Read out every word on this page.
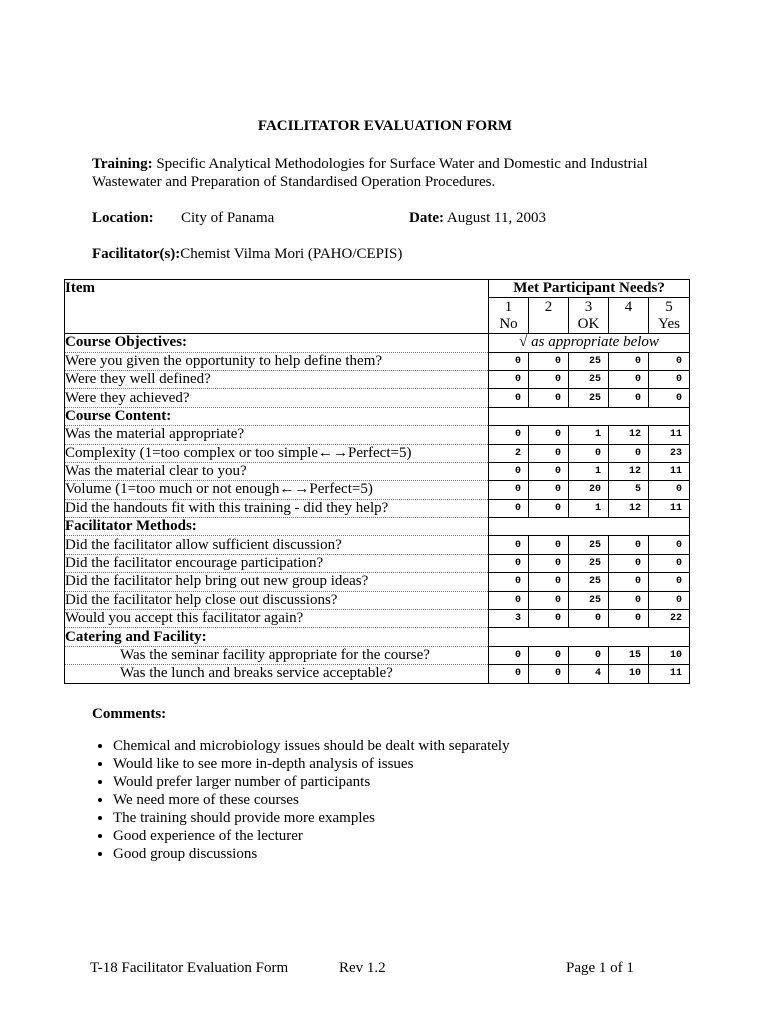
FACILITATOR EVALUATION FORM
Training: Specific Analytical Methodologies for Surface Water and Domestic and Industrial
Wastewater and Preparation of Standardised Operation Procedures.
Location: City of Panama	Date: August 11, 2003
Facilitator(s):Chemist Vilma Mori (PAHO/CEPIS)
Item	Met Participant Needs?				
	1	2	3	4	5
	No		OK		Yes
Course Objectives:	√ as appropriate below				
Were you given the opportunity to help define them?	0	0	25	0	0
Were they well defined?	0	0	25	0	0
Were they achieved?	0	0	25	0	0
Course Content:					
Was the material appropriate?	0	0	1	12	11
Complexity (1=too complex or too simple←→Perfect=5)	2	0	0	0	23
Was the material clear to you?	0	0	1	12	11
Volume (1=too much or not enough←→Perfect=5)	0	0	20	5	0
Did the handouts fit with this training - did they help?	0	0	1	12	11
Facilitator Methods:					
Did the facilitator allow sufficient discussion?	0	0	25	0	0
Did the facilitator encourage participation?	0	0	25	0	0
Did the facilitator help bring out new group ideas?	0	0	25	0	0
Did the facilitator help close out discussions?	0	0	25	0	0
Would you accept this facilitator again?	3	0	0	0	22
Catering and Facility:					
Was the seminar facility appropriate for the course?	0	0	0	15	10
Was the lunch and breaks service acceptable?	0	0	4	10	11
Comments:
• Chemical and microbiology issues should be dealt with separately
• Would like to see more in-depth analysis of issues
• Would prefer larger number of participants
• We need more of these courses
• The training should provide more examples
• Good experience of the lecturer
• Good group discussions
T-18 Facilitator Evaluation Form	Rev 1.2	Page 1 of 1
